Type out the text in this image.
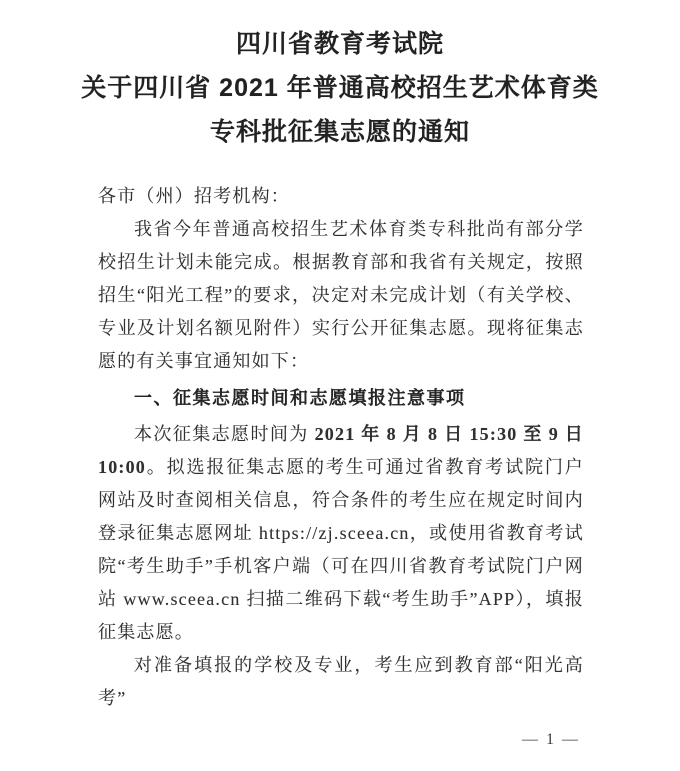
四川省教育考试院
关于四川省 2021 年普通高校招生艺术体育类
专科批征集志愿的通知

各市（州）招考机构：

我省今年普通高校招生艺术体育类专科批尚有部分学校招生计划未能完成。根据教育部和我省有关规定，按照招生“阳光工程”的要求，决定对未完成计划（有关学校、专业及计划名额见附件）实行公开征集志愿。现将征集志愿的有关事宜通知如下：

一、征集志愿时间和志愿填报注意事项

本次征集志愿时间为 2021 年 8 月 8 日 15:30 至 9 日 10:00。拟选报征集志愿的考生可通过省教育考试院门户网站及时查阅相关信息，符合条件的考生应在规定时间内登录征集志愿网址 https://zj.sceea.cn，或使用省教育考试院“考生助手”手机客户端（可在四川省教育考试院门户网站 www.sceea.cn 扫描二维码下载“考生助手”APP），填报征集志愿。

对准备填报的学校及专业，考生应到教育部“阳光高考”

— 1 —
